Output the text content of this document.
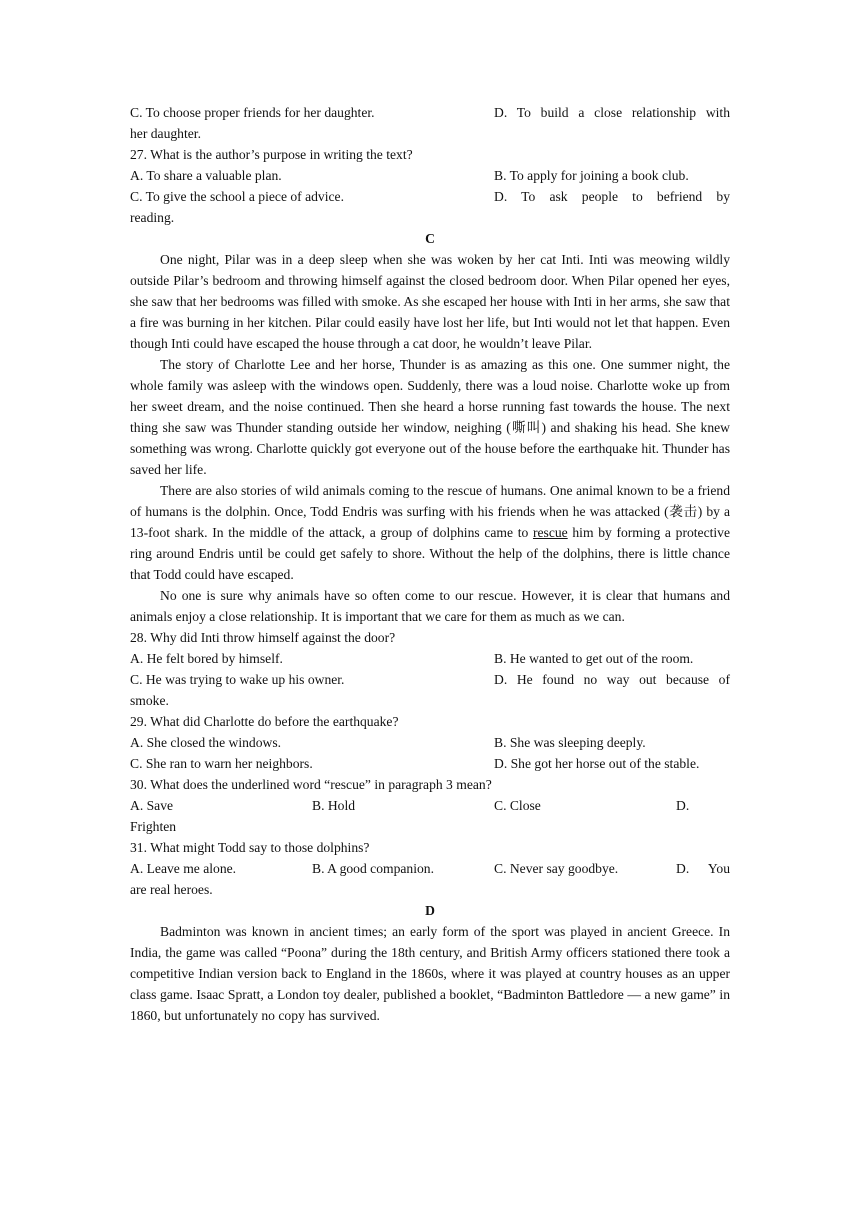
C. To choose proper friends for her daughter.	D. To build a close relationship with
her daughter.
27. What is the author’s purpose in writing the text?
A. To share a valuable plan.	B. To apply for joining a book club.
C. To give the school a piece of advice.	D. To ask people to befriend by
reading.
C

One night, Pilar was in a deep sleep when she was woken by her cat Inti. Inti was meowing wildly outside Pilar’s bedroom and throwing himself against the closed bedroom door. When Pilar opened her eyes, she saw that her bedrooms was filled with smoke. As she escaped her house with Inti in her arms, she saw that a fire was burning in her kitchen. Pilar could easily have lost her life, but Inti would not let that happen. Even though Inti could have escaped the house through a cat door, he wouldn’t leave Pilar.

The story of Charlotte Lee and her horse, Thunder is as amazing as this one. One summer night, the whole family was asleep with the windows open. Suddenly, there was a loud noise. Charlotte woke up from her sweet dream, and the noise continued. Then she heard a horse running fast towards the house. The next thing she saw was Thunder standing outside her window, neighing (嘶叫) and shaking his head. She knew something was wrong. Charlotte quickly got everyone out of the house before the earthquake hit. Thunder has saved her life.

There are also stories of wild animals coming to the rescue of humans. One animal known to be a friend of humans is the dolphin. Once, Todd Endris was surfing with his friends when he was attacked (袭击) by a 13-foot shark. In the middle of the attack, a group of dolphins came to rescue him by forming a protective ring around Endris until be could get safely to shore. Without the help of the dolphins, there is little chance that Todd could have escaped.

No one is sure why animals have so often come to our rescue. However, it is clear that humans and animals enjoy a close relationship. It is important that we care for them as much as we can.

28. Why did Inti throw himself against the door?
A. He felt bored by himself.	B. He wanted to get out of the room.
C. He was trying to wake up his owner.	D. He found no way out because of
smoke.
29. What did Charlotte do before the earthquake?
A. She closed the windows.	B. She was sleeping deeply.
C. She ran to warn her neighbors.	D. She got her horse out of the stable.
30. What does the underlined word “rescue” in paragraph 3 mean?
A. Save	B. Hold	C. Close	D.
Frighten
31. What might Todd say to those dolphins?
A. Leave me alone.	B. A good companion.	C. Never say goodbye.	D. You
are real heroes.
D

Badminton was known in ancient times; an early form of the sport was played in ancient Greece. In India, the game was called “Poona” during the 18th century, and British Army officers stationed there took a competitive Indian version back to England in the 1860s, where it was played at country houses as an upper class game. Isaac Spratt, a London toy dealer, published a booklet, “Badminton Battledore — a new game” in 1860, but unfortunately no copy has survived.
